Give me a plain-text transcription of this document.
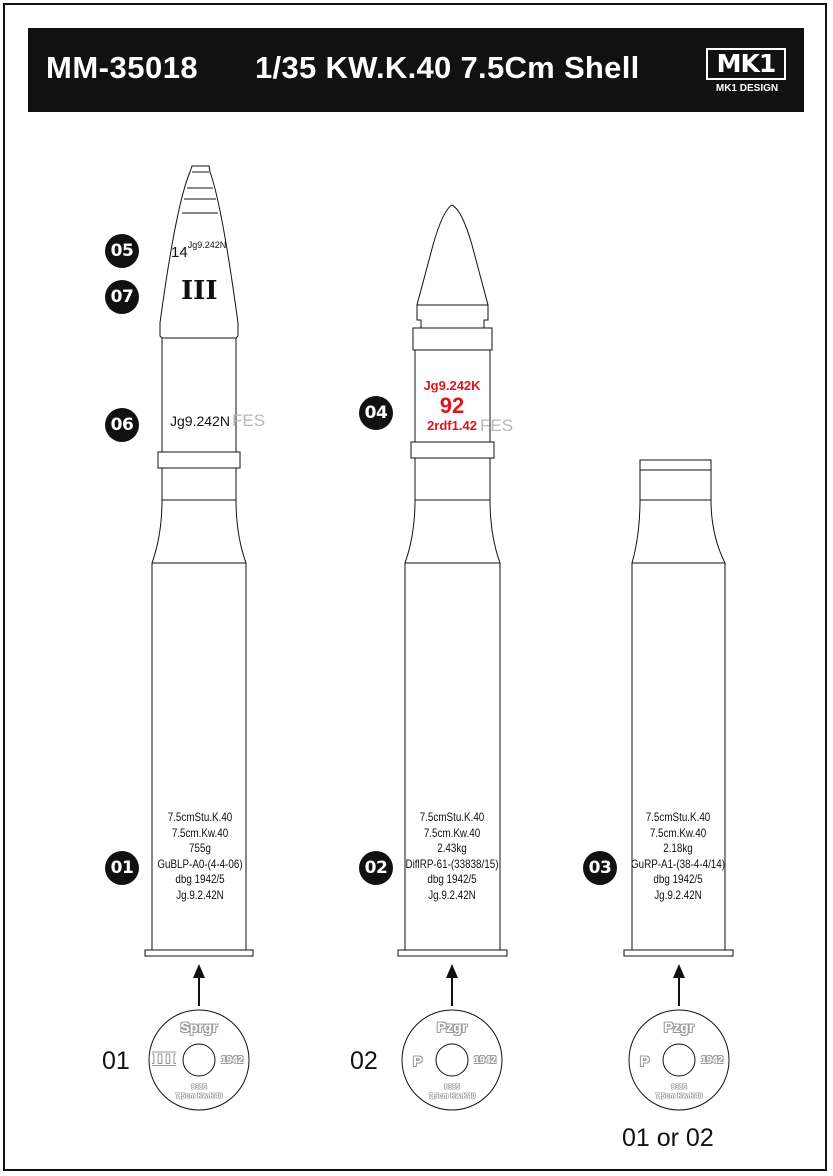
MM-35018 1/35 KW.K.40 7.5Cm Shell	MK1
MK1 DESIGN
05
07
06
01
04
02	03
$14^{Jg9.242N}$
III
Jg9.242N FES
7.5cmStu.K.40
7.5cm.Kw.40
755g
GuBLP-A0-(4-4-06)
dbg 1942/5
Jg.9.2.42N
Jg9.242K
92
2rdf1.42 FES
7.5cmStu.K.40
7.5cm.Kw.40
2.43kg
DiflRP-61-(33838/15)
dbg 1942/5
Jg.9.2.42N
7.5cmStu.K.40
7.5cm.Kw.40
2.18kg
GuRP-A1-(38-4-4/14)
dbg 1942/5
Jg.9.2.42N
01
Sprgr
III	1942
8385
7,5cm Kw.K40
02
Pzgr
P	1942
8385
7,5cm Kw.K40
01 or 02
Pzgr
P	1942
8385
7,5cm Kw.K40
